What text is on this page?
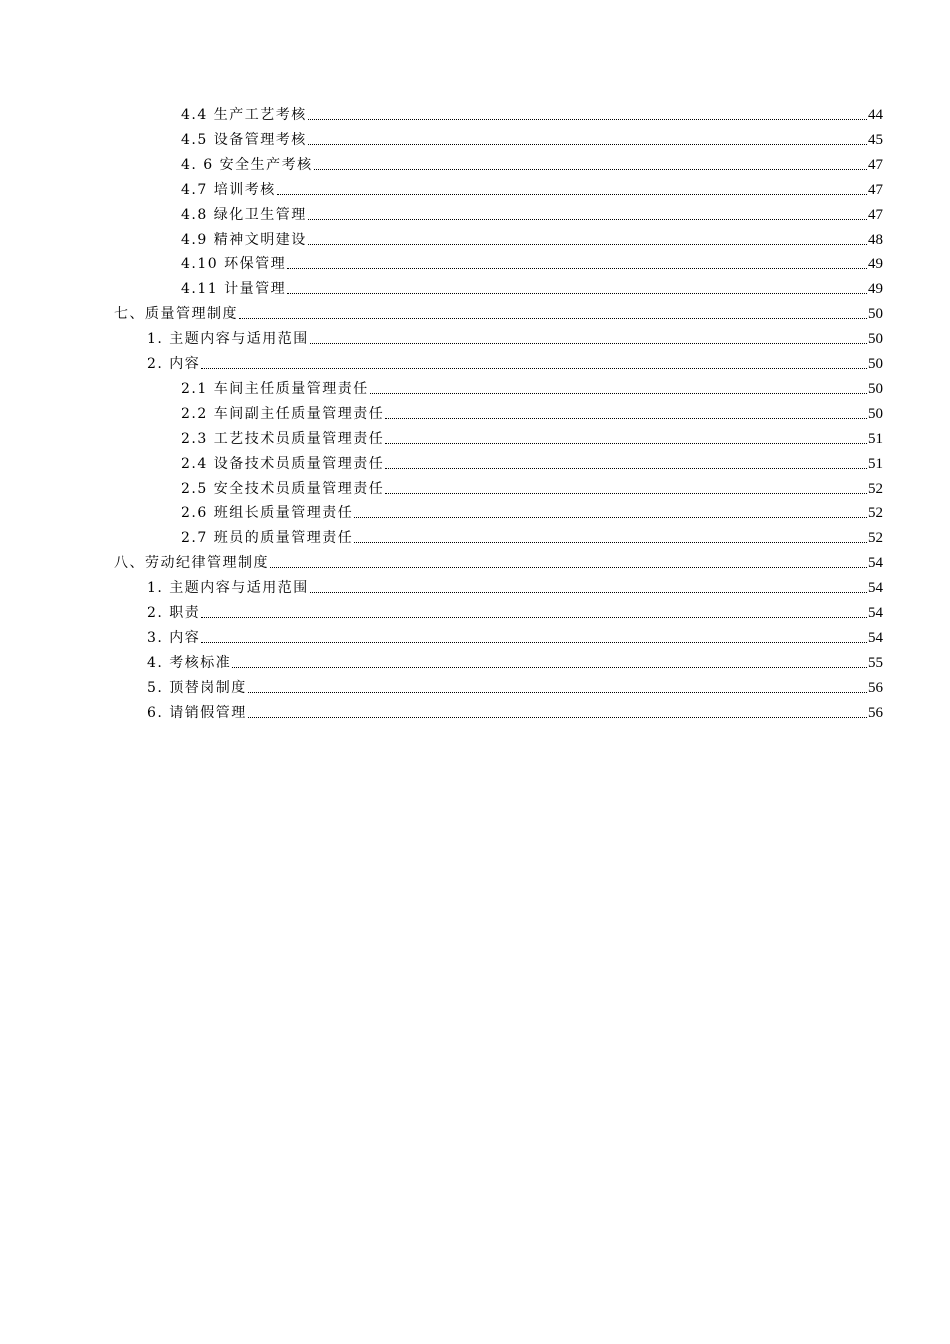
4.4 生产工艺考核	44
4.5 设备管理考核	45
4. 6 安全生产考核	47
4.7 培训考核	47
4.8 绿化卫生管理	47
4.9 精神文明建设	48
4.10 环保管理	49
4.11 计量管理	49
七、质量管理制度	50
1. 主题内容与适用范围	50
2. 内容	50
2.1 车间主任质量管理责任	50
2.2 车间副主任质量管理责任	50
2.3 工艺技术员质量管理责任	51
2.4 设备技术员质量管理责任	51
2.5 安全技术员质量管理责任	52
2.6 班组长质量管理责任	52
2.7 班员的质量管理责任	52
八、劳动纪律管理制度	54
1. 主题内容与适用范围	54
2. 职责	54
3. 内容	54
4. 考核标准	55
5. 顶替岗制度	56
6. 请销假管理	56
